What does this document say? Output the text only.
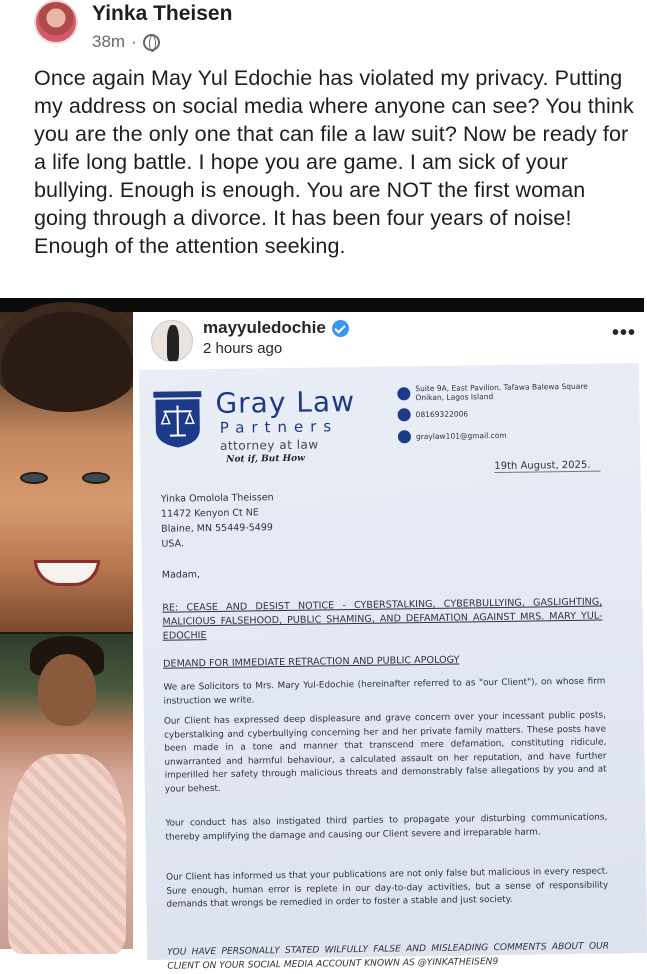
Yinka Theisen
38m ·
Once again May Yul Edochie has violated my privacy. Putting my address on social media where anyone can see? You think you are the only one that can file a law suit? Now be ready for a life long battle. I hope you are game. I am sick of your bullying. Enough is enough. You are NOT the first woman going through a divorce. It has been four years of noise! Enough of the attention seeking.
mayyuledochie
2 hours ago
•••
Gray Law
Partners
attorney at law
Not if, But How
Suite 9A, East Pavilion, Tafawa Balewa Square Onikan, Lagos Island
08169322006
graylaw101@gmail.com
19th August, 2025.
Yinka Omolola Theissen
11472 Kenyon Ct NE
Blaine, MN 55449-5499
USA.
Madam,
RE: CEASE AND DESIST NOTICE - CYBERSTALKING, CYBERBULLYING, GASLIGHTING, MALICIOUS FALSEHOOD, PUBLIC SHAMING, AND DEFAMATION AGAINST MRS. MARY YUL-EDOCHIE
DEMAND FOR IMMEDIATE RETRACTION AND PUBLIC APOLOGY
We are Solicitors to Mrs. Mary Yul-Edochie (hereinafter referred to as "our Client"), on whose firm instruction we write.
Our Client has expressed deep displeasure and grave concern over your incessant public posts, cyberstalking and cyberbullying concerning her and her private family matters. These posts have been made in a tone and manner that transcend mere defamation, constituting ridicule, unwarranted and harmful behaviour, a calculated assault on her reputation, and have further imperilled her safety through malicious threats and demonstrably false allegations by you and at your behest.
Your conduct has also instigated third parties to propagate your disturbing communications, thereby amplifying the damage and causing our Client severe and irreparable harm.
Our Client has informed us that your publications are not only false but malicious in every respect. Sure enough, human error is replete in our day-to-day activities, but a sense of responsibility demands that wrongs be remedied in order to foster a stable and just society.
YOU HAVE PERSONALLY STATED WILFULLY FALSE AND MISLEADING COMMENTS ABOUT OUR CLIENT ON YOUR SOCIAL MEDIA ACCOUNT KNOWN AS @YINKATHEISEN9
